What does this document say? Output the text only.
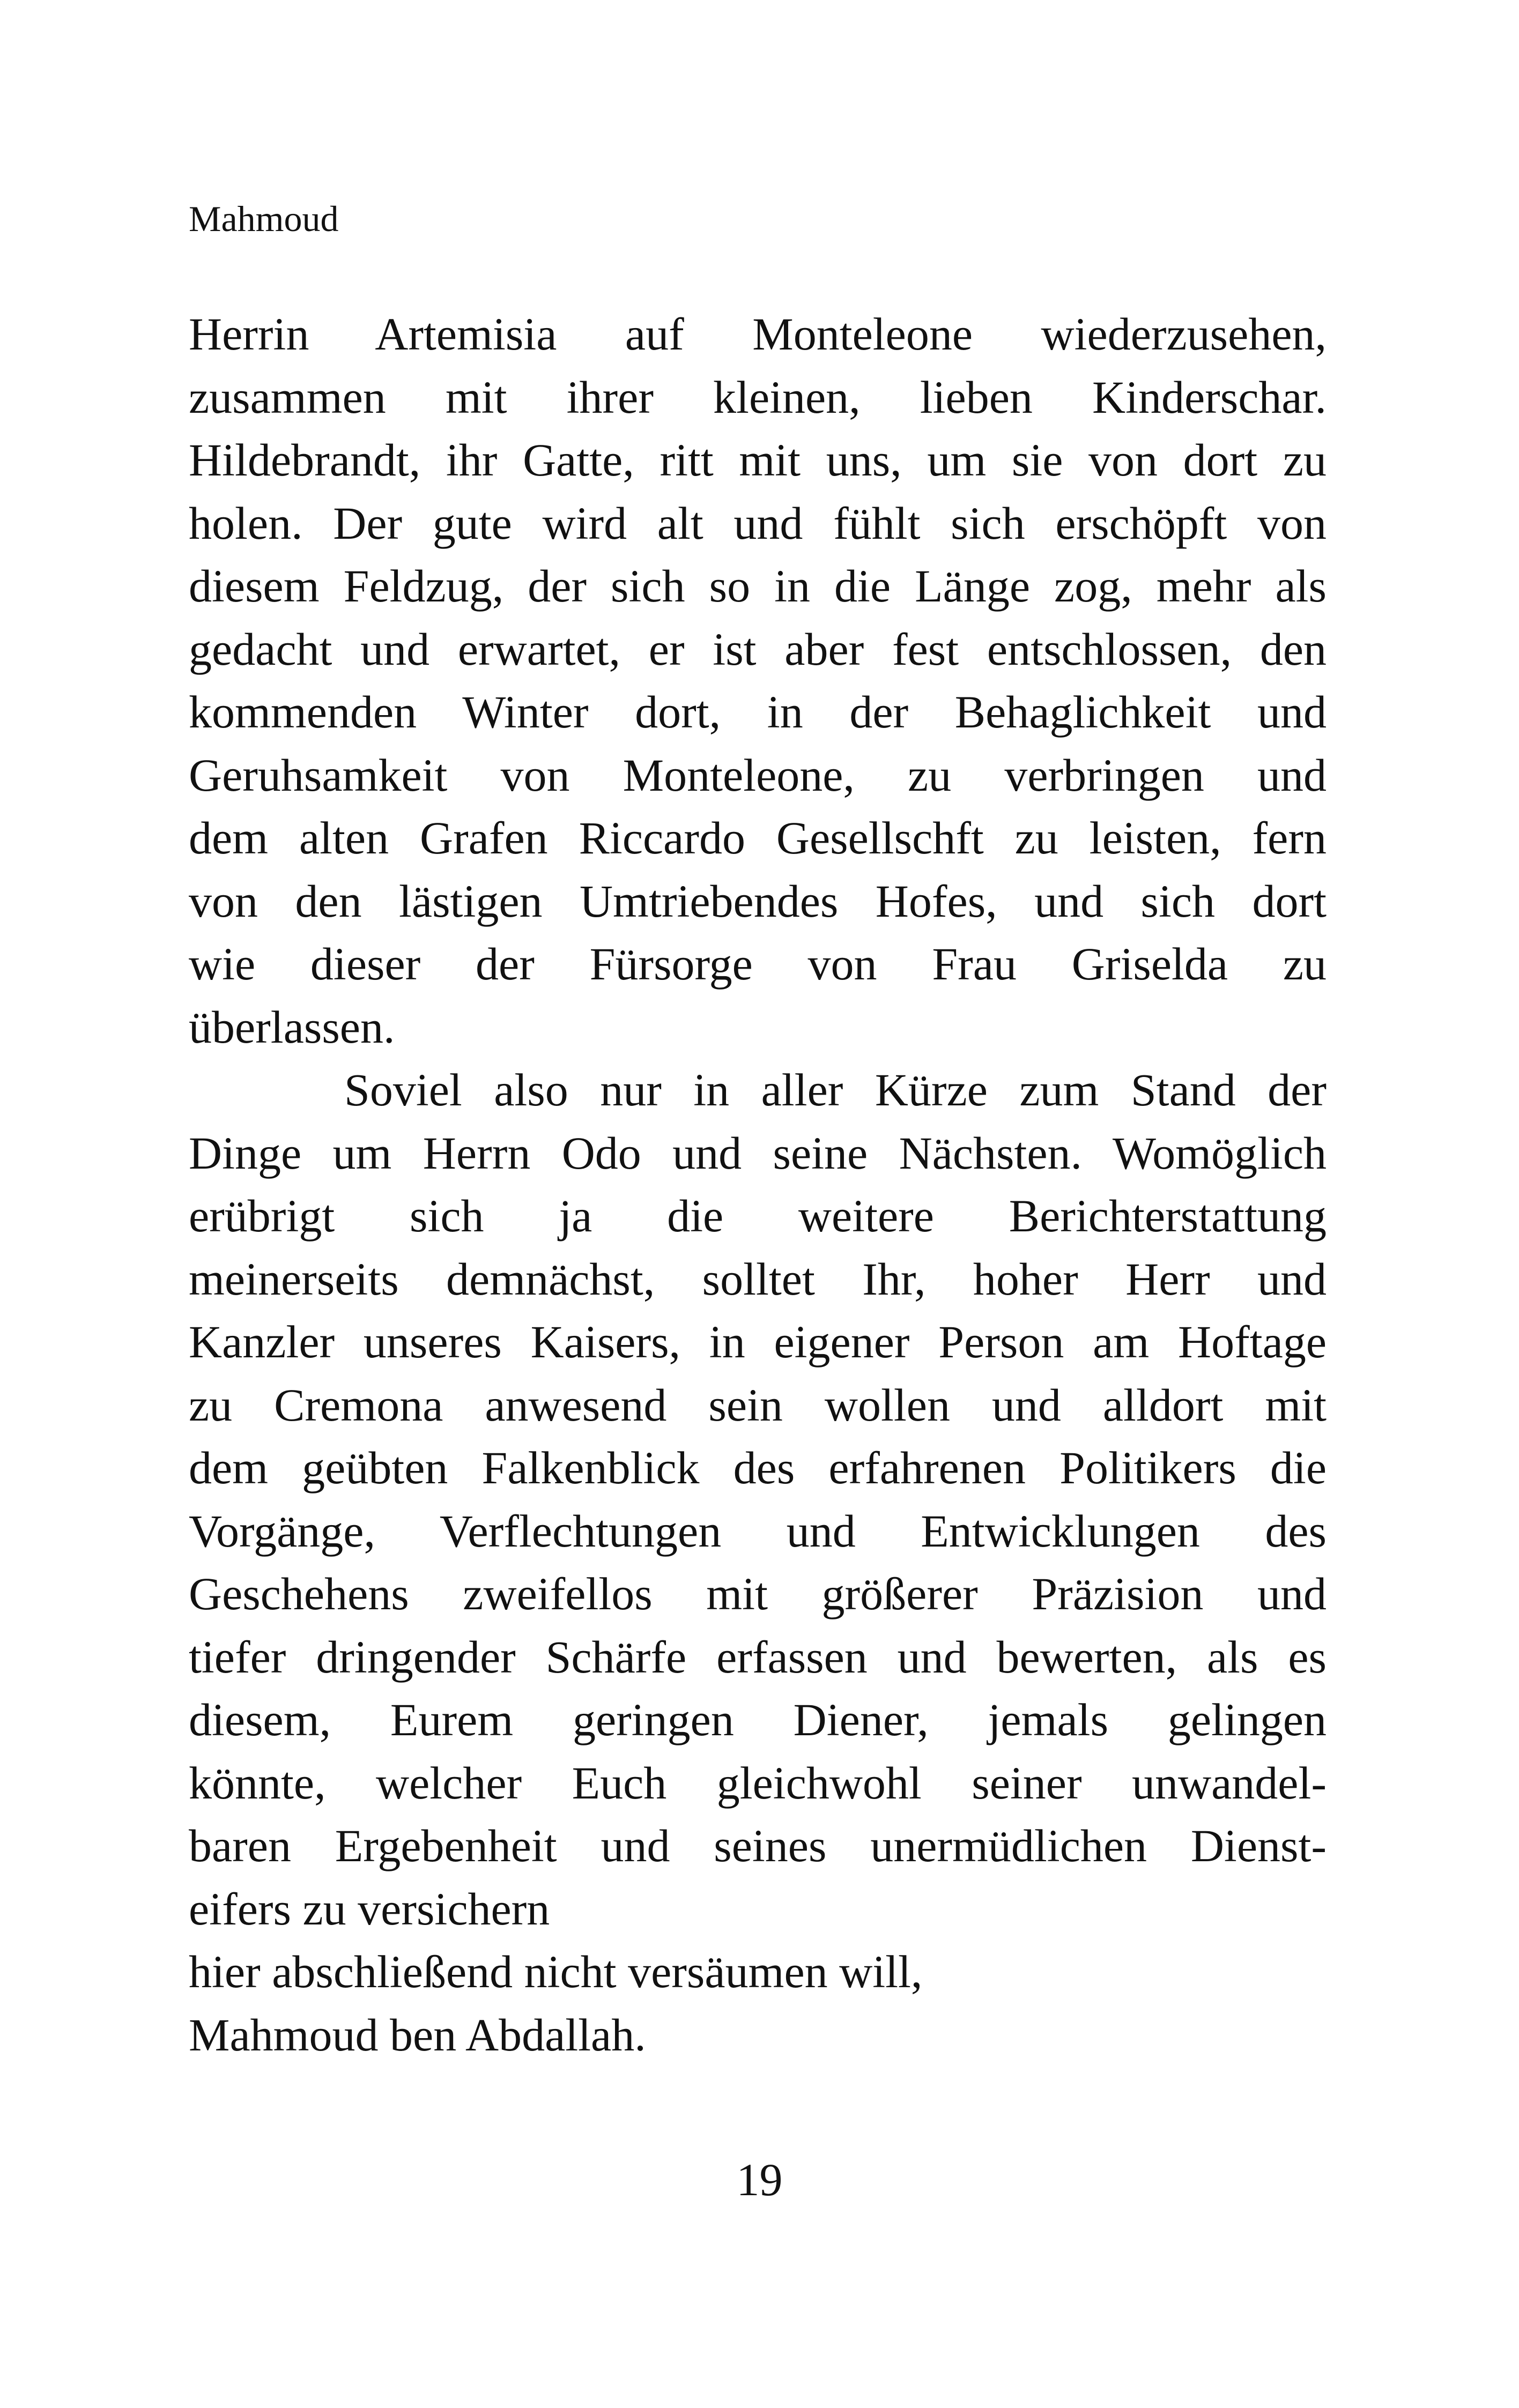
Mahmoud
Herrin Artemisia auf Monteleone wiederzusehen,
zusammen mit ihrer kleinen, lieben Kinderschar.
Hildebrandt, ihr Gatte, ritt mit uns, um sie von dort zu
holen. Der gute wird alt und fühlt sich erschöpft von
diesem Feldzug, der sich so in die Länge zog, mehr als
gedacht und erwartet, er ist aber fest entschlossen, den
kommenden Winter dort, in der Behaglichkeit und
Geruhsamkeit von Monteleone, zu verbringen und
dem alten Grafen Riccardo Gesellschft zu leisten, fern
von den lästigen Umtriebendes Hofes, und sich dort
wie dieser der Fürsorge von Frau Griselda zu
überlassen.
Soviel also nur in aller Kürze zum Stand der
Dinge um Herrn Odo und seine Nächsten. Womöglich
erübrigt sich ja die weitere Berichterstattung
meinerseits demnächst, solltet Ihr, hoher Herr und
Kanzler unseres Kaisers, in eigener Person am Hoftage
zu Cremona anwesend sein wollen und alldort mit
dem geübten Falkenblick des erfahrenen Politikers die
Vorgänge, Verflechtungen und Entwicklungen des
Geschehens zweifellos mit größerer Präzision und
tiefer dringender Schärfe erfassen und bewerten, als es
diesem, Eurem geringen Diener, jemals gelingen
könnte, welcher Euch gleichwohl seiner unwandel-
baren Ergebenheit und seines unermüdlichen Dienst-
eifers zu versichern
hier abschließend nicht versäumen will,
Mahmoud ben Abdallah.
19
